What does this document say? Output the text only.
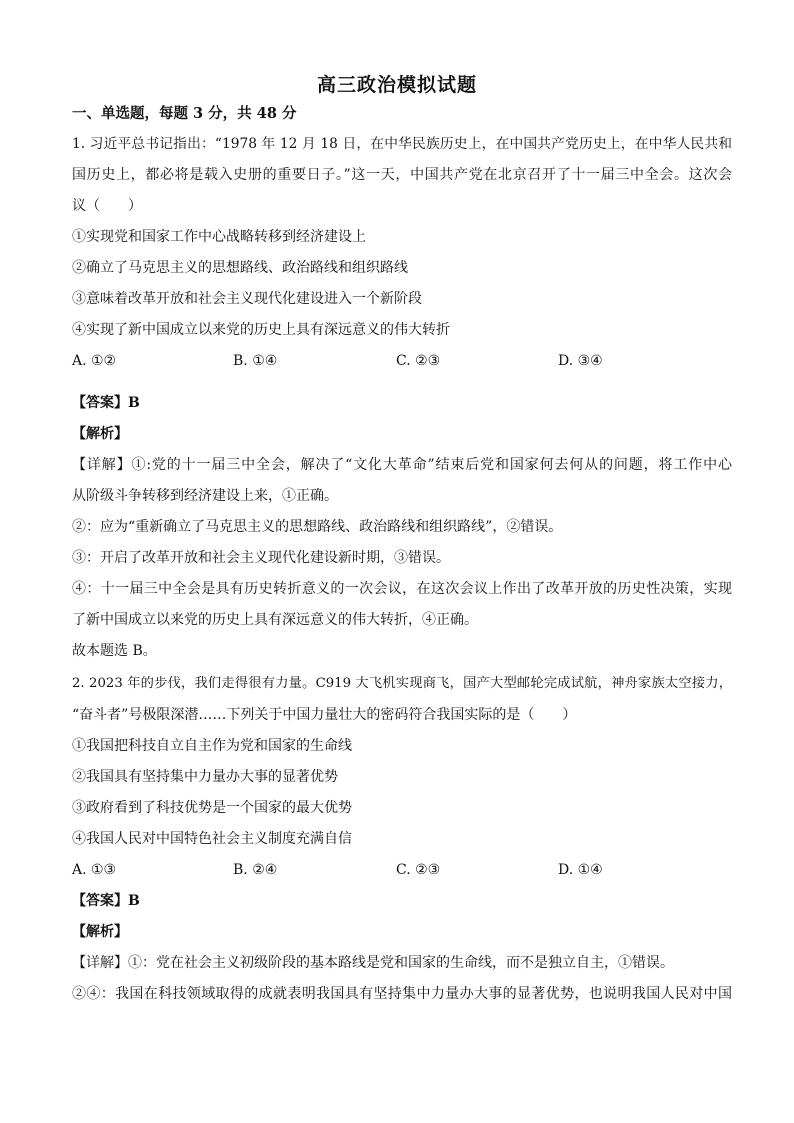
高三政治模拟试题
一、单选题，每题 3 分，共 48 分
1. 习近平总书记指出：“1978 年 12 月 18 日，在中华民族历史上，在中国共产党历史上，在中华人民共和
国历史上，都必将是载入史册的重要日子。”这一天，中国共产党在北京召开了十一届三中全会。这次会
议（　　）
①实现党和国家工作中心战略转移到经济建设上
②确立了马克思主义的思想路线、政治路线和组织路线
③意味着改革开放和社会主义现代化建设进入一个新阶段
④实现了新中国成立以来党的历史上具有深远意义的伟大转折
A. ①②	B. ①④	C. ②③	D. ③④
【答案】B
【解析】
【详解】①:党的十一届三中全会，解决了“文化大革命”结束后党和国家何去何从的问题，将工作中心
从阶级斗争转移到经济建设上来，①正确。
②：应为“重新确立了马克思主义的思想路线、政治路线和组织路线”，②错误。
③：开启了改革开放和社会主义现代化建设新时期，③错误。
④：十一届三中全会是具有历史转折意义的一次会议，在这次会议上作出了改革开放的历史性决策，实现
了新中国成立以来党的历史上具有深远意义的伟大转折，④正确。
故本题选 B。
2. 2023 年的步伐，我们走得很有力量。C919 大飞机实现商飞，国产大型邮轮完成试航，神舟家族太空接力，
“奋斗者”号极限深潜……下列关于中国力量壮大的密码符合我国实际的是（　　）
①我国把科技自立自主作为党和国家的生命线
②我国具有坚持集中力量办大事的显著优势
③政府看到了科技优势是一个国家的最大优势
④我国人民对中国特色社会主义制度充满自信
A. ①③	B. ②④	C. ②③	D. ①④
【答案】B
【解析】
【详解】①：党在社会主义初级阶段的基本路线是党和国家的生命线，而不是独立自主，①错误。
②④：我国在科技领域取得的成就表明我国具有坚持集中力量办大事的显著优势，也说明我国人民对中国
